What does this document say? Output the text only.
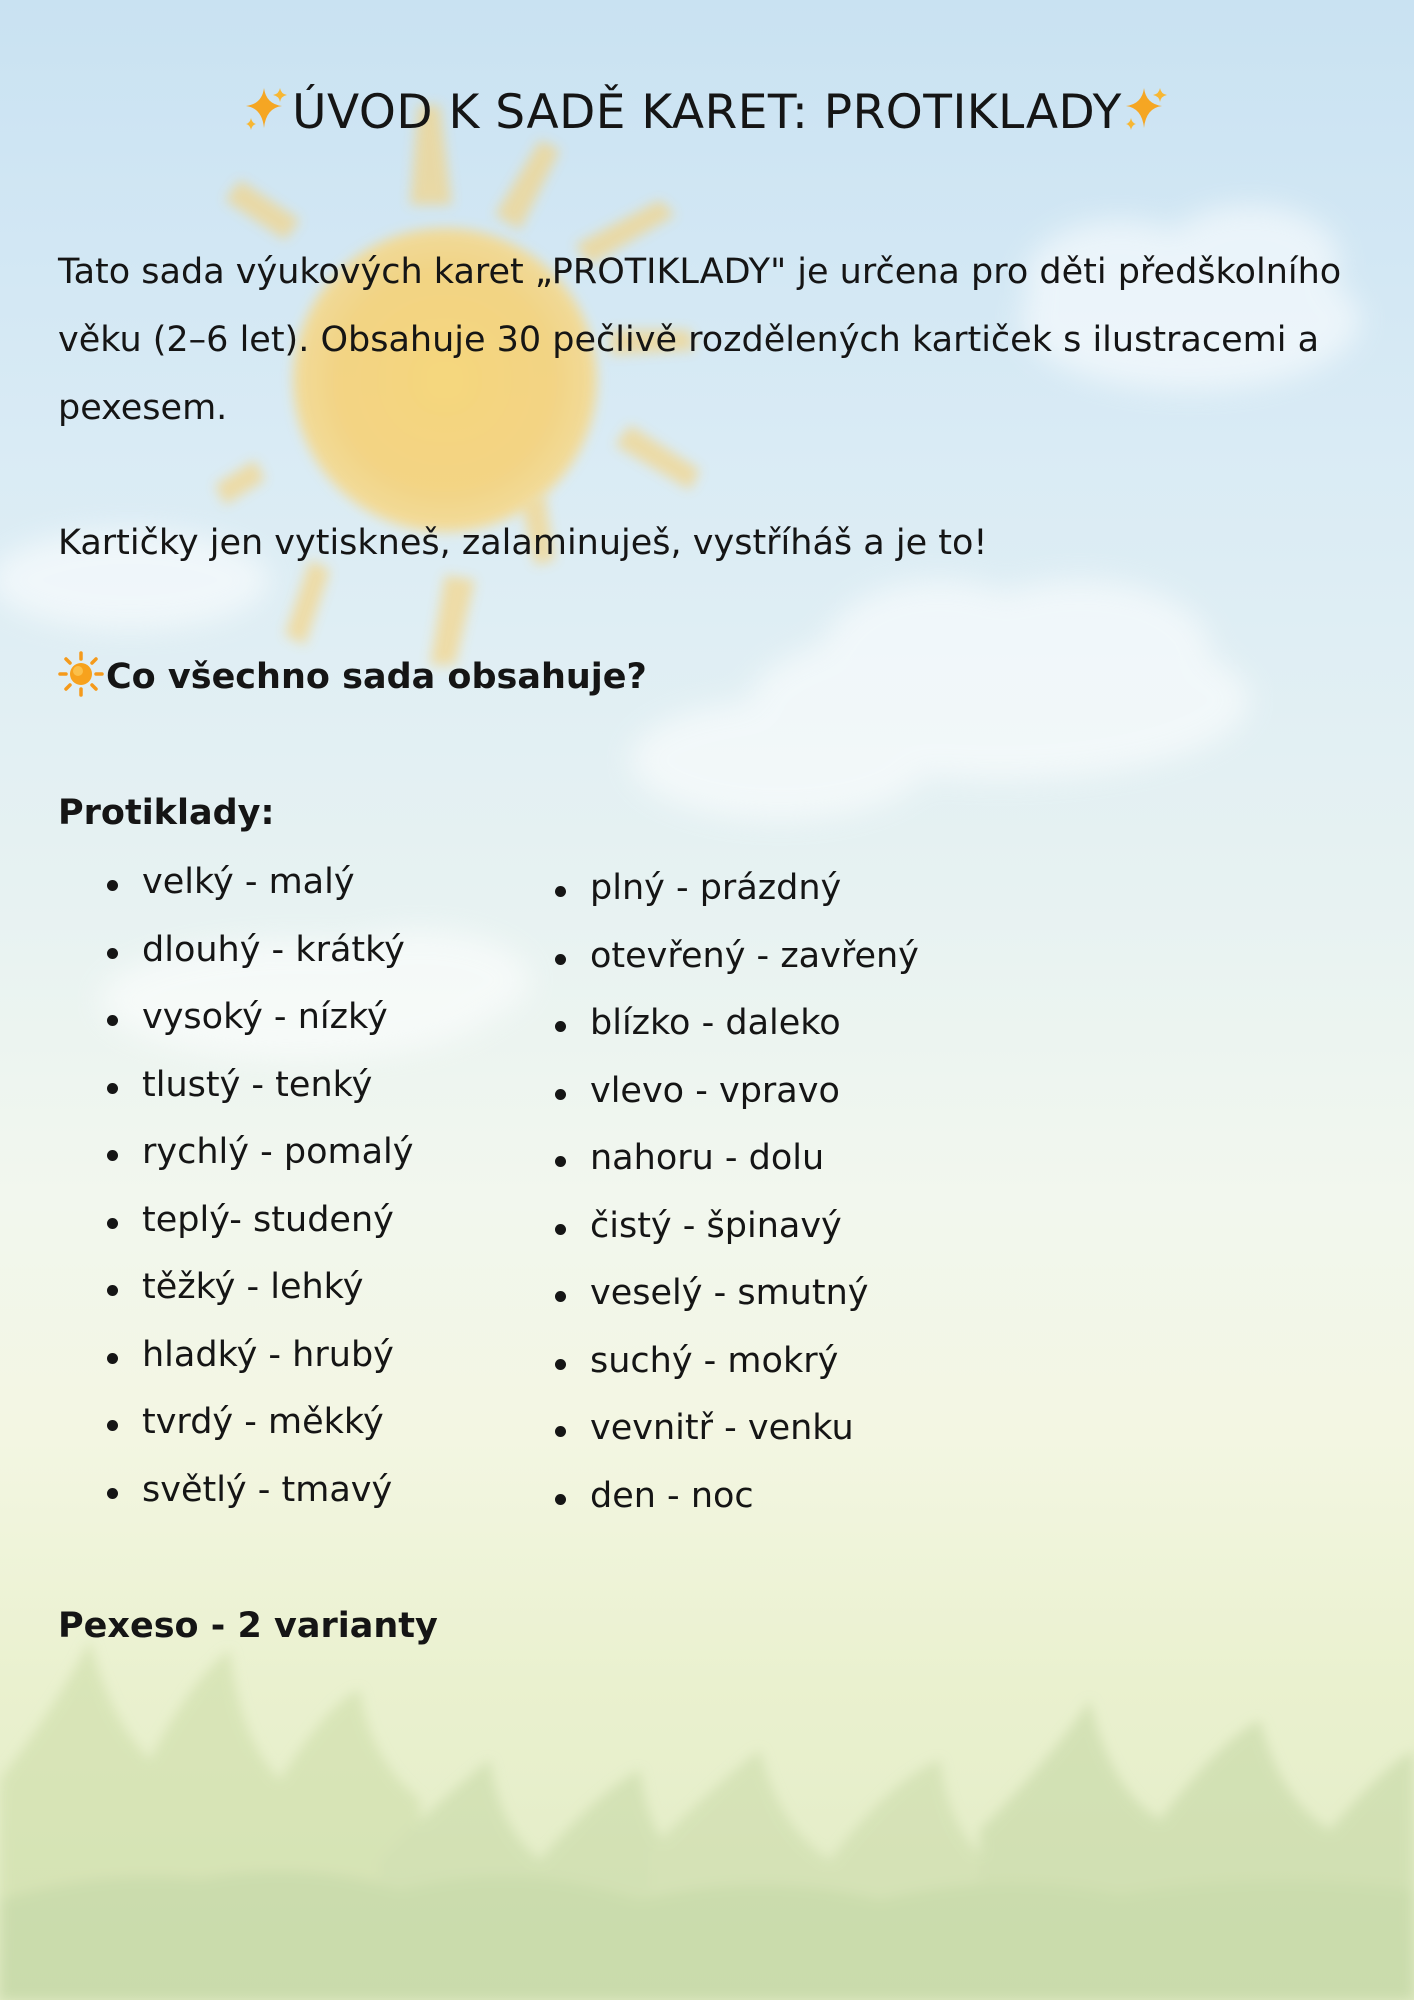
ÚVOD K SADĚ KARET: PROTIKLADY

Tato sada výukových karet „PROTIKLADY" je určena pro děti předškolního věku (2–6 let). Obsahuje 30 pečlivě rozdělených kartiček s ilustracemi a pexesem.

Kartičky jen vytiskneš, zalaminuješ, vystříháš a je to!

Co všechno sada obsahuje?
Protiklady:
velký - malý
dlouhý - krátký
vysoký - nízký
tlustý - tenký
rychlý - pomalý
teplý- studený
těžký - lehký
hladký - hrubý
tvrdý - měkký
světlý - tmavý
plný - prázdný
otevřený - zavřený
blízko - daleko
vlevo - vpravo
nahoru - dolu
čistý - špinavý
veselý - smutný
suchý - mokrý
vevnitř - venku
den - noc
Pexeso - 2 varianty
